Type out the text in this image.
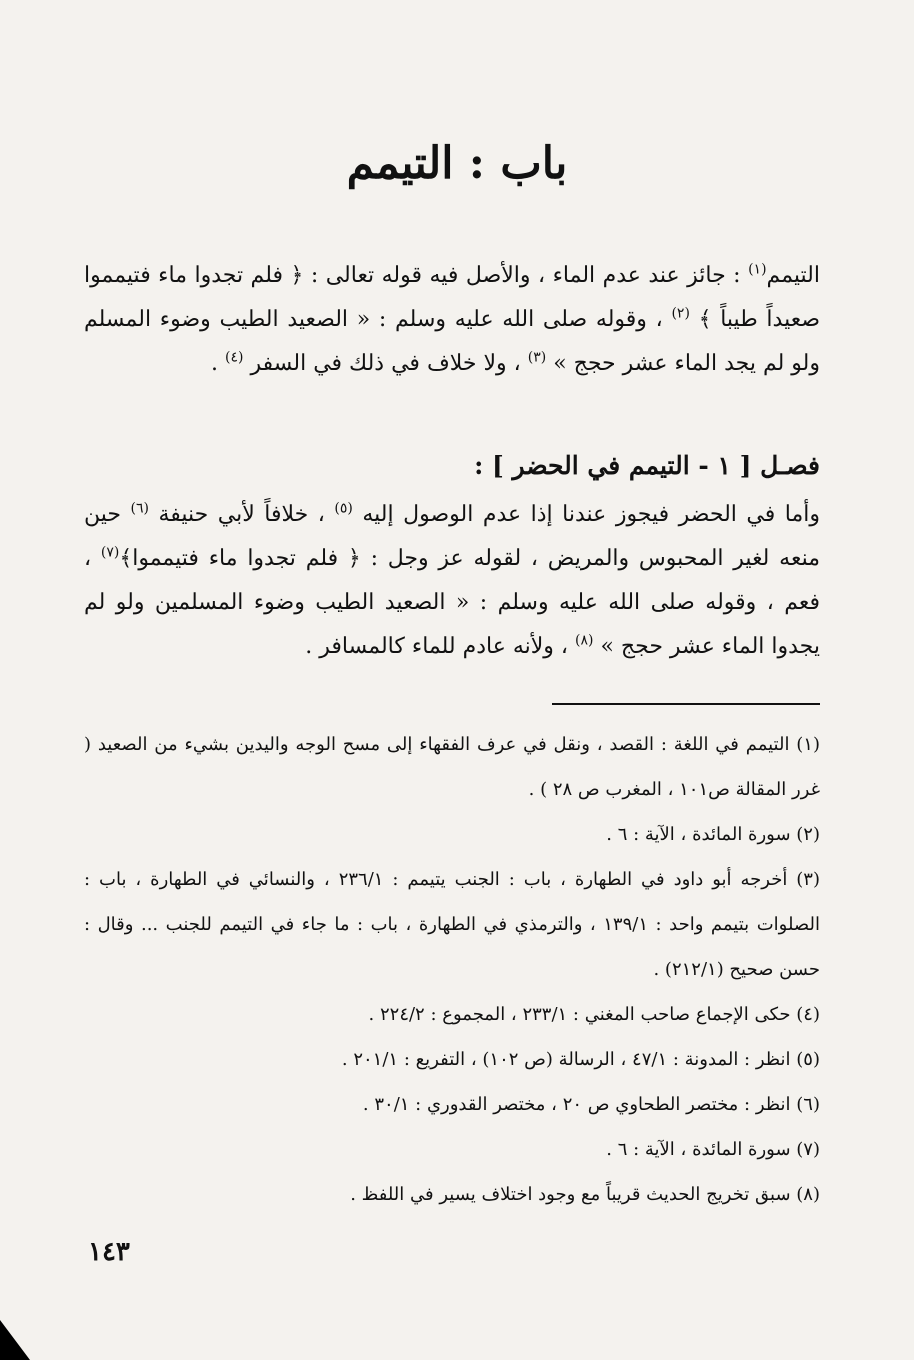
باب : التيمم

التيمم$^{(١)}$ : جائز عند عدم الماء ، والأصل فيه قوله تعالى : ﴿ فلم تجدوا ماء فتيمموا صعيداً طيباً ﴾ $^{(٢)}$ ، وقوله صلى الله عليه وسلم : « الصعيد الطيب وضوء المسلم ولو لم يجد الماء عشر حجج » $^{(٣)}$ ، ولا خلاف في ذلك في السفر $^{(٤)}$ .

فصـل [ ١ - التيمم في الحضر ] :

وأما في الحضر فيجوز عندنا إذا عدم الوصول إليه $^{(٥)}$ ، خلافاً لأبي حنيفة $^{(٦)}$ حين منعه لغير المحبوس والمريض ، لقوله عز وجل : ﴿ فلم تجدوا ماء فتيمموا﴾$^{(٧)}$ ، فعم ، وقوله صلى الله عليه وسلم : « الصعيد الطيب وضوء المسلمين ولو لم يجدوا الماء عشر حجج » $^{(٨)}$ ، ولأنه عادم للماء كالمسافر .

(١) التيمم في اللغة : القصد ، ونقل في عرف الفقهاء إلى مسح الوجه واليدين بشيء من الصعيد ( غرر المقالة ص١٠١ ، المغرب ص ٢٨ ) .
(٢) سورة المائدة ، الآية : ٦ .
(٣) أخرجه أبو داود في الطهارة ، باب : الجنب يتيمم : ٢٣٦/١ ، والنسائي في الطهارة ، باب : الصلوات بتيمم واحد : ١٣٩/١ ، والترمذي في الطهارة ، باب : ما جاء في التيمم للجنب ... وقال : حسن صحيح (٢١٢/١) .
(٤) حكى الإجماع صاحب المغني : ٢٣٣/١ ، المجموع : ٢٢٤/٢ .
(٥) انظر : المدونة : ٤٧/١ ، الرسالة (ص ١٠٢) ، التفريع : ٢٠١/١ .
(٦) انظر : مختصر الطحاوي ص ٢٠ ، مختصر القدوري : ٣٠/١ .
(٧) سورة المائدة ، الآية : ٦ .
(٨) سبق تخريج الحديث قريباً مع وجود اختلاف يسير في اللفظ .
١٤٣
